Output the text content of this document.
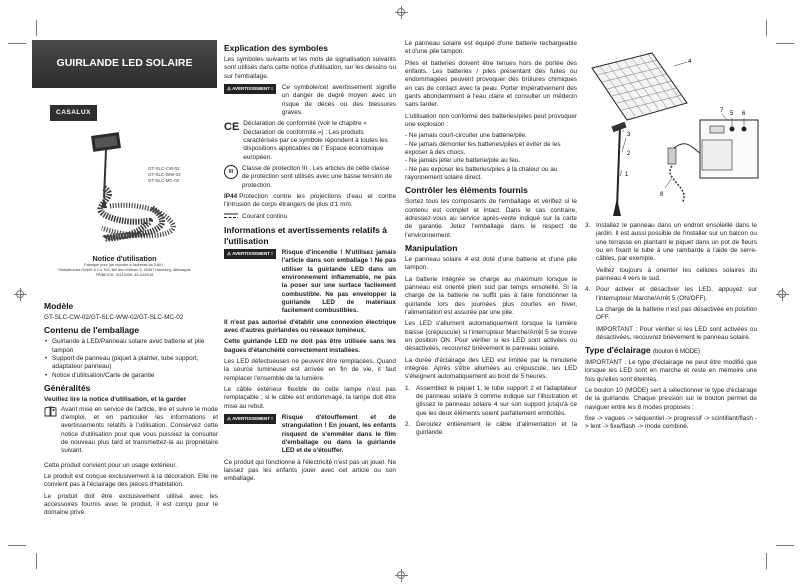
GUIRLANDE LED SOLAIRE
CASALUX
GT-SLC-CW-02
GT-SLC-WW-02
GT-SLC-MC-02
Notice d'utilisation

Fabriqué pour (se reporter à l'adresse du SAV) :

Globaltronics GmbH & Co. KG, Bei den Mühren 5, 20457 Hamburg, Allemagne

FR/BE/CH, 32113405, 43-44/2018

Modèle

GT-SLC-CW-02/GT-SLC-WW-02/GT-SLC-MC-02

Contenu de l'emballage
• Guirlande à LED/Panneau solaire avec batterie et pile tampon
• Support de panneau (piquet à planter, tube support, adaptateur panneau)
• Notice d'utilisation/Carte de garantie
Généralités
Veuillez lire la notice d'utilisation, et la garder

Avant mise en service de l'article, lire et suivre le mode d'emploi, et en particulier les informations et avertissements relatifs à l'utilisation. Conservez cette notice d'utilisation pour que vous puissiez la consulter de nouveau plus tard et transmettez-la au propriétaire suivant.

Cette produit convient pour un usage extérieur.

Le produit est conçue exclusivement à la décoration. Elle ne convient pas à l'éclairage des pièces d'habitation.

Le produit doit être exclusivement utilisé avec les accessoires fournis avec le produit, il est conçu pour le domaine privé.

Explication des symboles

Les symboles suivants et les mots de signalisation suivants sont utilisés dans cette notice d'utilisation, sur les dessins ou sur l'emballage.

⚠ AVERTISSEMENT !	Ce symbole/cet avertissement signifie un danger de degré moyen avec un risque de décès ou des blessures graves.
CE Déclaration de conformité (voir le chapitre « Déclaration de conformité ») : Les produits caractérisés par ce symbole répondent à toutes les dispositions applicables de l' Espace économique européen.
III	Classe de protection III : Les articles de cette classe de protection sont utilisés avec une basse tension de protection.

IP44 Protection contre les projections d'eau et contre l'intrusion de corps étrangers de plus d'1 mm.

Courant continu

Informations et avertissements relatifs à l'utilisation
⚠ AVERTISSEMENT !	Risque d'incendie ! N'utilisez jamais l'article dans son emballage ! Ne pas utiliser la guirlande LED dans un environnement inflammable, ne pas la poser sur une surface facilement combustible. Ne pas envelopper la guirlande LED de matériaux facilement combustibles.

Il n'est pas autorisé d'établir une connexion électrique avec d'autres guirlandes ou réseaux lumineux.

Cette guirlande LED ne doit pas être utilisée sans les bagues d'étanchéité correctement installées.

Les LED défectueuses ne peuvent être remplacées. Quand la source lumineuse est arrivée en fin de vie, il faut remplacer l'ensemble de la lumière.

Le câble extérieur flexible de cette lampe n'est pas remplaçable ; si le câble est endommagé, la lampe doit être mise au rebut.

⚠ AVERTISSEMENT !	Risque d'étouffement et de strangulation ! En jouant, les enfants risquent de s'emmêler dans le film d'emballage ou dans la guirlande LED et de s'étouffer.

Ce produit qui fonctionne à l'électricité n'est pas un jouet. Ne laissez pas les enfants jouer avec cet article ou son emballage.

Le panneau solaire est équipé d'une batterie rechargeable et d'une pile tampon.

Piles et batteries doivent être tenues hors de portée des enfants. Les batteries / piles présentant des fuites ou endommagées peuvent provoquer des brûlures chimiques en cas de contact avec la peau. Porter impérativement des gants abondamment à l'eau claire et consulter un médecin sans tarder.

L'utilisation non conforme des batteries/piles peut provoquer une explosion :

- Ne jamais court-circuiter une batterie/pile.
- Ne jamais démonter les batteries/piles et éviter de les exposer à des chocs.
- Ne jamais jeter une batterie/pile au feu.
- Ne pas exposer les batteries/piles à la chaleur ou au rayonnement solaire direct.
Contrôler les éléments fournis

Sortez tous les composants de l'emballage et vérifiez si le contenu est complet et intact. Dans le cas contraire, adressez-vous au service après-vente indiqué sur la carte de garantie. Jetez l'emballage dans le respect de l'environnement.

Manipulation

Le panneau solaire 4 est doté d'une batterie et d'une pile tampon.

La batterie intégrée se charge au maximum lorsque le panneau est orienté plein sud par temps ensoleillé. Si la charge de la batterie ne suffit pas à faire fonctionner la guirlande lors des journées plus courtes en hiver, l'alimentation est assurée par une pile.

Les LED s'allument automatiquement lorsque la lumière baisse (crépuscule) si l'interrupteur Marche/Arrêt 5 se trouve en position ON. Pour vérifier si les LED sont activées ou désactivées, recouvrez brièvement le panneau solaire.

La durée d'éclairage des LED est limitée par la minuterie intégrée. Après s'être allumées au crépuscule, les LED s'éteignent automatiquement au bout de 5 heures.

1. Assemblez le piquet 1, le tube support 2 et l'adaptateur de panneau solaire 3 comme indiqué sur l'illustration et glissez le panneau solaire 4 sur son support jusqu'à ce que les deux éléments soient parfaitement emboîtés.
2. Déroulez entièrement le câble d'alimentation et la guirlande.
4
3
2
1
7 5 6
8
3. Installez le panneau dans un endroit ensoleillé dans le jardin. Il est aussi possible de l'installer sur un balcon ou une terrasse en plantant le piquet dans un pot de fleurs ou en fixant le tube à une rambarde à l'aide de serre-câbles, par exemple.
Veillez toujours à orienter les cellules solaires du panneau 4 vers le sud.
4. Pour activer et désactiver les LED, appuyez sur l'interrupteur Marche/Arrêt 5 (ON/OFF).
La charge de la batterie n'est pas désactivée en position OFF.
IMPORTANT : Pour vérifier si les LED sont activées ou désactivées, recouvrez brièvement le panneau solaire.
Type d'éclairage (bouton 6 MODE)

IMPORTANT : Le type d'éclairage ne peut être modifié que lorsque les LED sont en marche et reste en mémoire une fois qu'elles sont éteintes.

Le bouton 10 (MODE) sert à sélectionner le type d'éclairage de la guirlande. Chaque pression sur le bouton permet de naviguer entre les 8 modes proposés :

fixe -> vagues -> séquentiel -> progressif -> scintillant/flash -> lent -> fixe/flash -> mode combiné.
